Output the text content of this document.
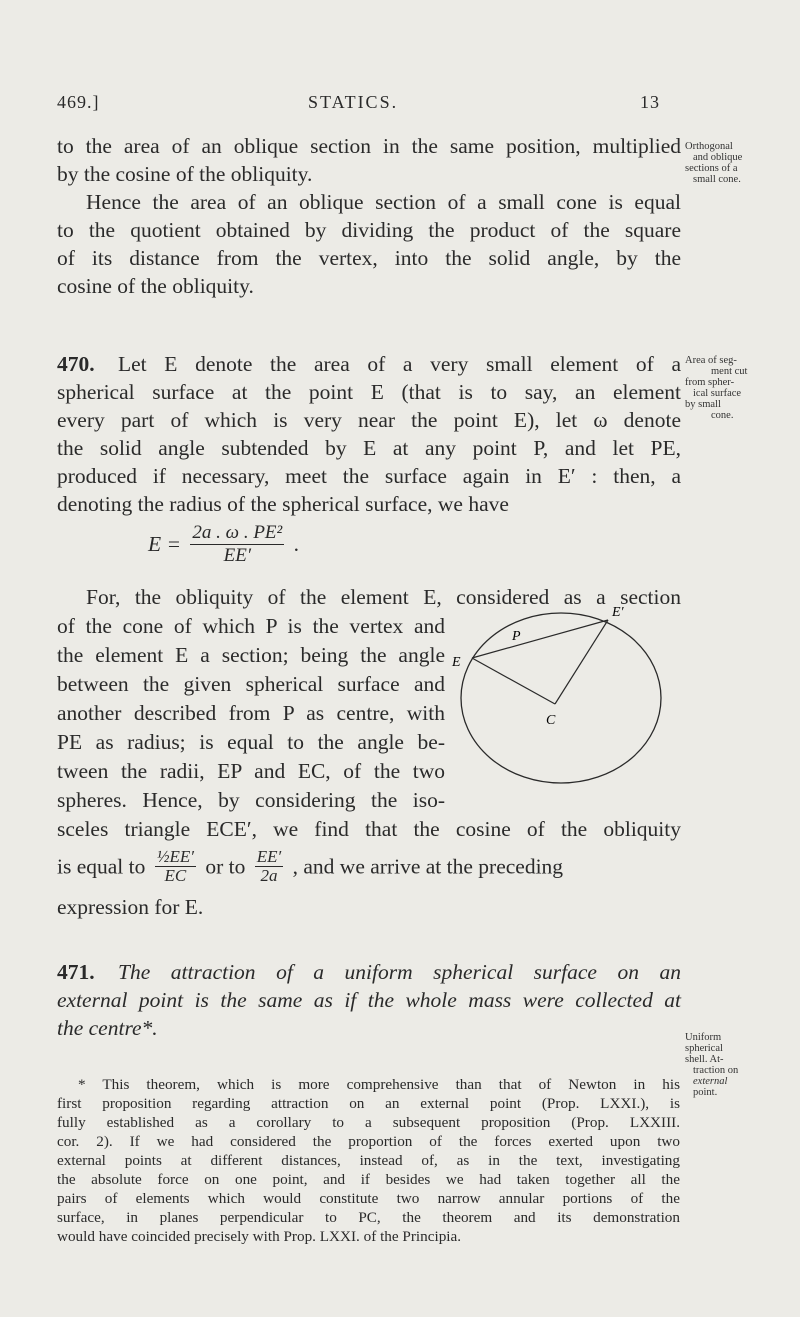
469.]	STATICS.	13
Orthogonal
and oblique
sections of a
small cone.
Area of seg-
ment cut
from spher-
ical surface
by small
cone.
Uniform
spherical
shell. At-
traction on
external
point.
to the area of an oblique section in the same position, multiplied
by the cosine of the obliquity.
Hence the area of an oblique section of a small cone is equal
to the quotient obtained by dividing the product of the square
of its distance from the vertex, into the solid angle, by the
cosine of the obliquity.
470. Let E denote the area of a very small element of a
spherical surface at the point E (that is to say, an element
every part of which is very near the point E), let ω denote
the solid angle subtended by E at any point P, and let PE,
produced if necessary, meet the surface again in E′ : then, a
denoting the radius of the spherical surface, we have
$E = \frac{\text{2a . ω . PE²}}{EE'}$ .
For, the obliquity of the element E, considered as a section
of the cone of which P is the vertex and
the element E a section; being the angle
between the given spherical surface and
another described from P as centre, with
PE as radius; is equal to the angle be-
tween the radii, EP and EC, of the two
spheres. Hence, by considering the iso-
sceles triangle ECE′, we find that the cosine of the obliquity
is equal to $\frac{\text{½EE′}}{EC}$ or to $\frac{EE'}{2a}$ , and we arrive at the preceding
expression for E.
E
E′
P
C
471. The attraction of a uniform spherical surface on an
external point is the same as if the whole mass were collected at
the centre*.
* This theorem, which is more comprehensive than that of Newton in his
first proposition regarding attraction on an external point (Prop. LXXI.), is
fully established as a corollary to a subsequent proposition (Prop. LXXIII.
cor. 2). If we had considered the proportion of the forces exerted upon two
external points at different distances, instead of, as in the text, investigating
the absolute force on one point, and if besides we had taken together all the
pairs of elements which would constitute two narrow annular portions of the
surface, in planes perpendicular to PC, the theorem and its demonstration
would have coincided precisely with Prop. LXXI. of the Principia.
